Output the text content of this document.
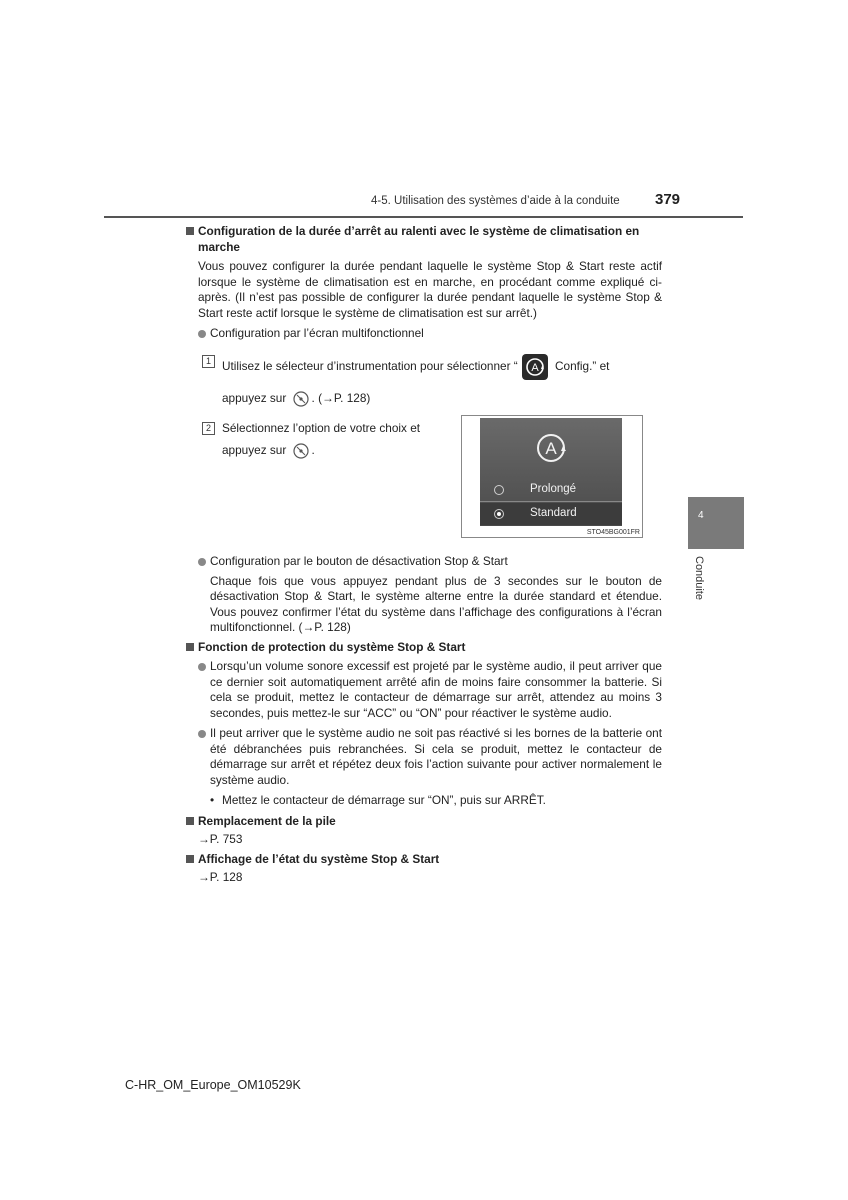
4-5. Utilisation des systèmes d’aide à la conduite 379
4
Conduite
Configuration de la durée d’arrêt au ralenti avec le système de climatisation en marche
Vous pouvez configurer la durée pendant laquelle le système Stop & Start reste actif lorsque le système de climatisation est en marche, en procédant comme expliqué ci-après. (Il n’est pas possible de configurer la durée pendant laquelle le système Stop & Start reste actif lorsque le système de climatisation est sur arrêt.)
Configuration par l’écran multifonctionnel
1 Utilisez le sélecteur d’instrumentation pour sélectionner “ A Config.” et
appuyez sur . (→P. 128)
2 Sélectionnez l’option de votre choix et
appuyez sur .
Configuration par le bouton de désactivation Stop & Start
Chaque fois que vous appuyez pendant plus de 3 secondes sur le bouton de désactivation Stop & Start, le système alterne entre la durée standard et étendue. Vous pouvez confirmer l’état du système dans l’affichage des configurations à l’écran multifonctionnel. (→P. 128)
Fonction de protection du système Stop & Start
Lorsqu’un volume sonore excessif est projeté par le système audio, il peut arriver que ce dernier soit automatiquement arrêté afin de moins faire consommer la batterie. Si cela se produit, mettez le contacteur de démarrage sur arrêt, attendez au moins 3 secondes, puis mettez-le sur “ACC” ou “ON” pour réactiver le système audio.
Il peut arriver que le système audio ne soit pas réactivé si les bornes de la batterie ont été débranchées puis rebranchées. Si cela se produit, mettez le contacteur de démarrage sur arrêt et répétez deux fois l’action suivante pour activer normalement le système audio.
• Mettez le contacteur de démarrage sur “ON”, puis sur ARRÊT.
Remplacement de la pile
→P. 753
Affichage de l’état du système Stop & Start
→P. 128
A
Prolongé
Standard
STO45BG001FR
C-HR_OM_Europe_OM10529K
